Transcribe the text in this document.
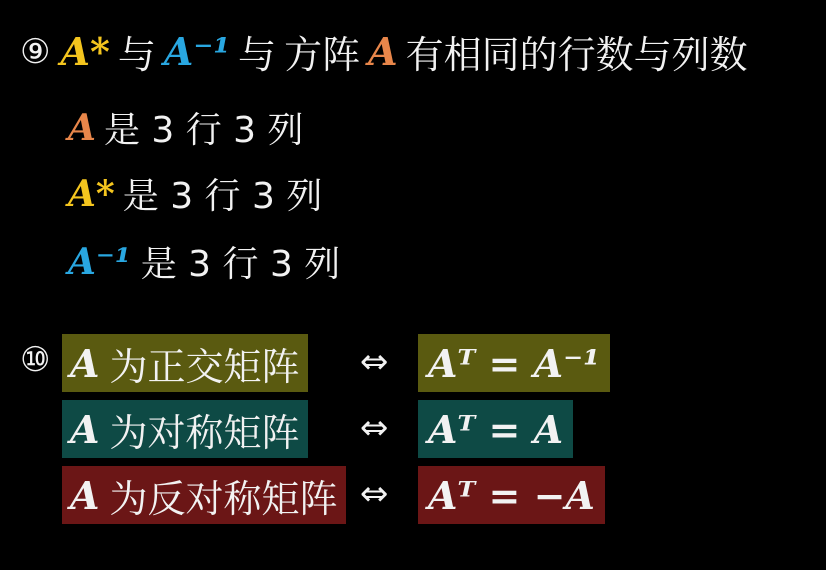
⑨ A* 与 A⁻¹ 与 方阵 A 有相同的行数与列数
A 是 3 行 3 列
A* 是 3 行 3 列
A⁻¹ 是 3 行 3 列
⑩ A 为正交矩阵 ⇔ Aᵀ = A⁻¹
A 为对称矩阵 ⇔ Aᵀ = A
A 为反对称矩阵 ⇔ Aᵀ = −A
